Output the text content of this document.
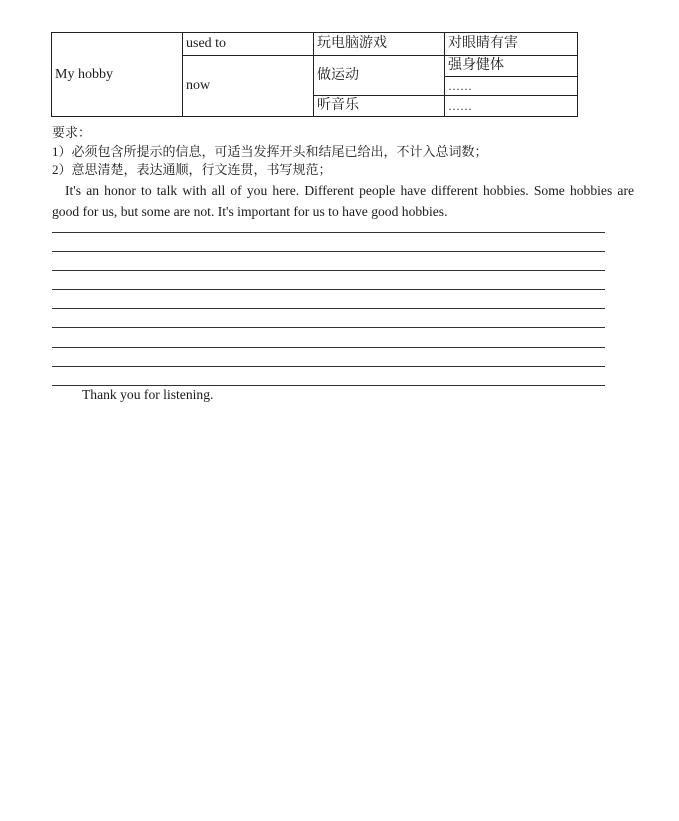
My hobby	used to	玩电脑游戏	对眼睛有害
	now	做运动	强身健体
			……
		听音乐	……
要求：
1）必须包含所提示的信息，可适当发挥开头和结尾已给出，不计入总词数；
2）意思清楚，表达通顺，行文连贯，书写规范；
It's an honor to talk with all of you here. Different people have different hobbies. Some hobbies are good for us, but some are not. It's important for us to have good hobbies.
Thank you for listening.
